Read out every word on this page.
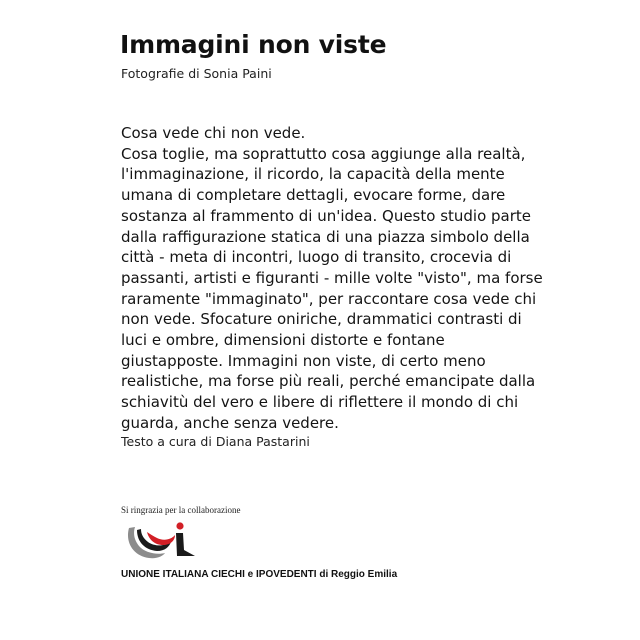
Immagini non viste
Fotografie di Sonia Paini
Cosa vede chi non vede.
Cosa toglie, ma soprattutto cosa aggiunge alla realtà,
l'immaginazione, il ricordo, la capacità della mente
umana di completare dettagli, evocare forme, dare
sostanza al frammento di un'idea. Questo studio parte
dalla raffigurazione statica di una piazza simbolo della
città - meta di incontri, luogo di transito, crocevia di
passanti, artisti e figuranti - mille volte "visto", ma forse
raramente "immaginato", per raccontare cosa vede chi
non vede. Sfocature oniriche, drammatici contrasti di
luci e ombre, dimensioni distorte e fontane
giustapposte. Immagini non viste, di certo meno
realistiche, ma forse più reali, perché emancipate dalla
schiavitù del vero e libere di riflettere il mondo di chi
guarda, anche senza vedere.
Testo a cura di Diana Pastarini
Si ringrazia per la collaborazione
UNIONE ITALIANA CIECHI e IPOVEDENTI di Reggio Emilia
